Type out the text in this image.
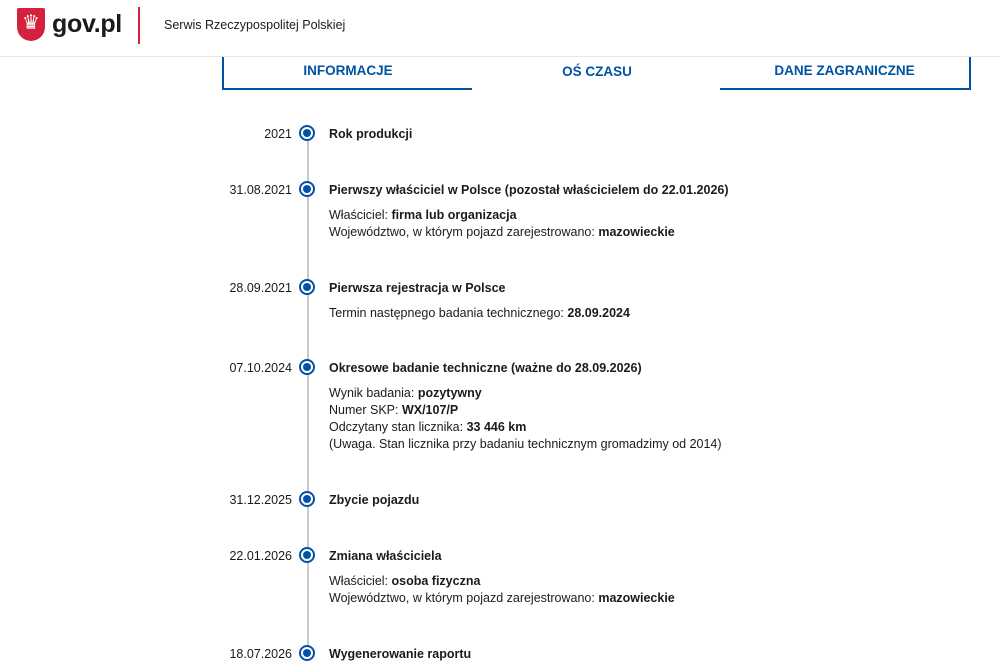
♛ gov.pl	Serwis Rzeczypospolitej Polskiej
INFORMACJE	OŚ CZASU	DANE ZAGRANICZNE
2021	Rok produkcji
31.08.2021	Pierwszy właściciel w Polsce (pozostał właścicielem do 22.01.2026)
Właściciel: firma lub organizacja
Województwo, w którym pojazd zarejestrowano: mazowieckie
28.09.2021	Pierwsza rejestracja w Polsce
Termin następnego badania technicznego: 28.09.2024
07.10.2024	Okresowe badanie techniczne (ważne do 28.09.2026)
Wynik badania: pozytywny
Numer SKP: WX/107/P
Odczytany stan licznika: 33 446 km
(Uwaga. Stan licznika przy badaniu technicznym gromadzimy od 2014)
31.12.2025	Zbycie pojazdu
22.01.2026	Zmiana właściciela
Właściciel: osoba fizyczna
Województwo, w którym pojazd zarejestrowano: mazowieckie
18.07.2026	Wygenerowanie raportu
